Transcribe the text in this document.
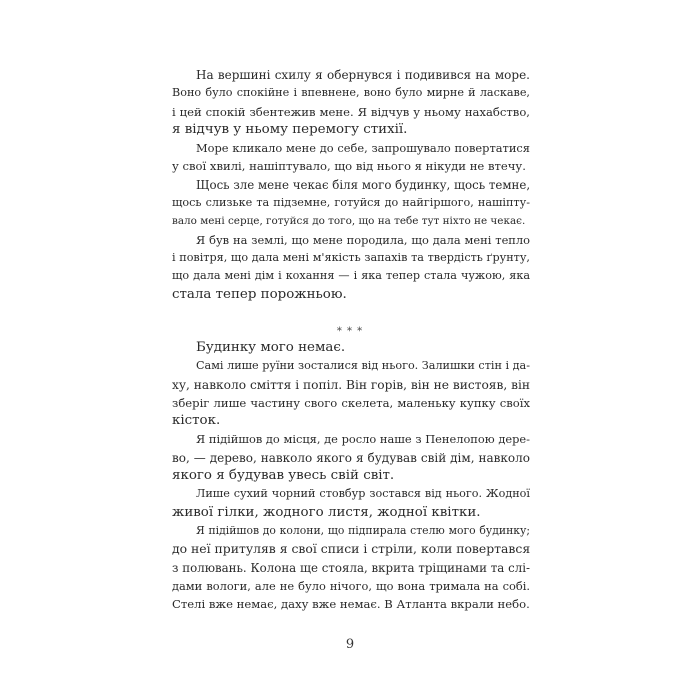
На вершині схилу я обернувся і подивився на море.
Воно було спокійне і впевнене, воно було мирне й ласкаве,
і цей спокій збентежив мене. Я відчув у ньому нахабство,
я відчув у ньому перемогу стихії.

Море кликало мене до себе, запрошувало повертатися
у свої хвилі, нашіптувало, що від нього я нікуди не втечу.

Щось зле мене чекає біля мого будинку, щось темне,
щось слизьке та підземне, готуйся до найгіршого, нашіпту-
вало мені серце, готуйся до того, що на тебе тут ніхто не чекає.

Я був на землі, що мене породила, що дала мені тепло
і повітря, що дала мені м'якість запахів та твердість ґрунту,
що дала мені дім і кохання — і яка тепер стала чужою, яка
стала тепер порожньою.

* * *

Будинку мого немає.

Самі лише руїни зосталися від нього. Залишки стін і да-
ху, навколо сміття і попіл. Він горів, він не вистояв, він
зберіг лише частину свого скелета, маленьку купку своїх
кісток.

Я підійшов до місця, де росло наше з Пенелопою дере-
во, — дерево, навколо якого я будував свій дім, навколо
якого я будував увесь свій світ.

Лише сухий чорний стовбур зостався від нього. Жодної
живої гілки, жодного листя, жодної квітки.

Я підійшов до колони, що підпирала стелю мого будинку;
до неї притуляв я свої списи і стріли, коли повертався
з полювань. Колона ще стояла, вкрита тріщинами та слі-
дами вологи, але не було нічого, що вона тримала на собі.
Стелі вже немає, даху вже немає. В Атланта вкрали небо.

9
